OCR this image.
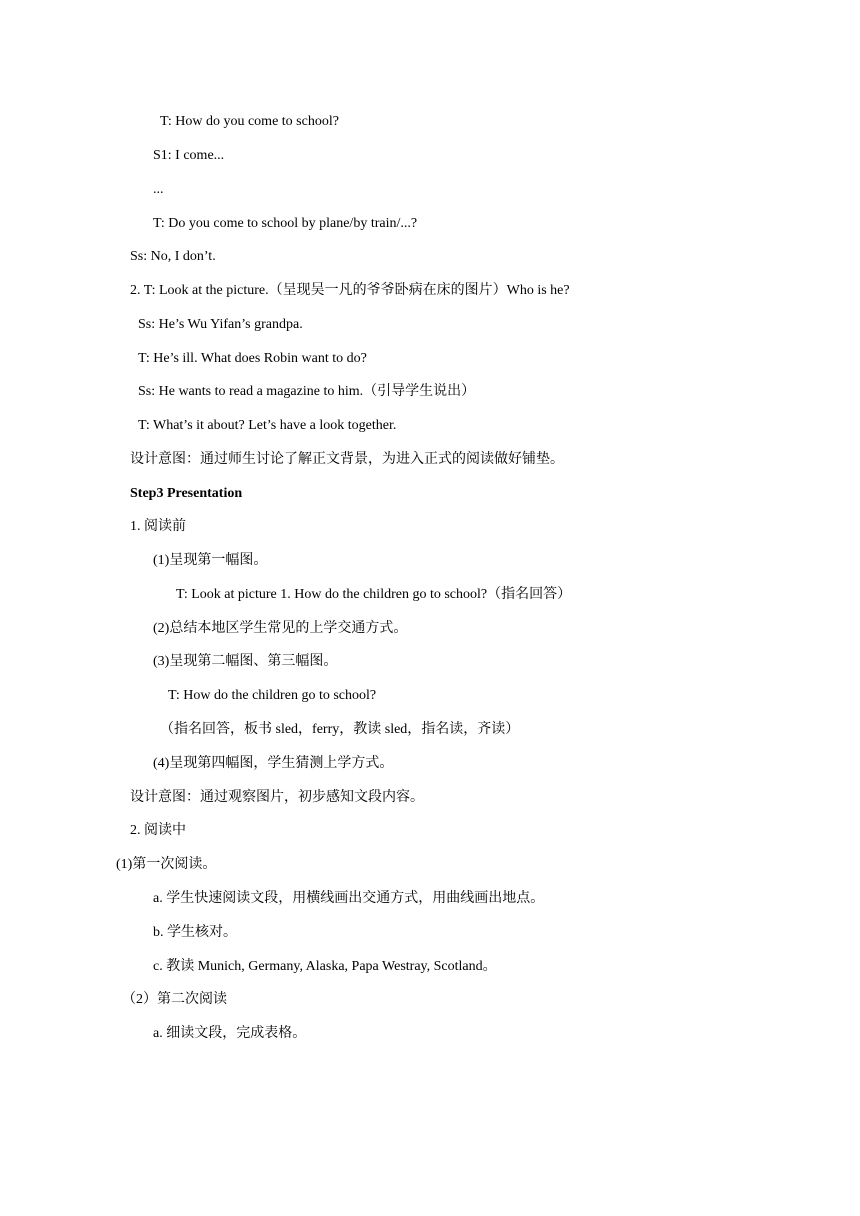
T: How do you come to school?
S1: I come...
...
T: Do you come to school by plane/by train/...?
Ss: No, I don’t.
2. T: Look at the picture.（呈现吴一凡的爷爷卧病在床的图片）Who is he?
Ss: He’s Wu Yifan’s grandpa.
T: He’s ill. What does Robin want to do?
Ss: He wants to read a magazine to him.（引导学生说出）
T: What’s it about? Let’s have a look together.
设计意图：通过师生讨论了解正文背景，为进入正式的阅读做好铺垫。
Step3 Presentation
1. 阅读前
(1)呈现第一幅图。
T: Look at picture 1. How do the children go to school?（指名回答）
(2)总结本地区学生常见的上学交通方式。
(3)呈现第二幅图、第三幅图。
T: How do the children go to school?
（指名回答，板书 sled，ferry，教读 sled，指名读，齐读）
(4)呈现第四幅图，学生猜测上学方式。
设计意图：通过观察图片，初步感知文段内容。
2. 阅读中
(1)第一次阅读。
a. 学生快速阅读文段，用横线画出交通方式，用曲线画出地点。
b. 学生核对。
c. 教读 Munich, Germany, Alaska, Papa Westray, Scotland。
（2）第二次阅读
a. 细读文段，完成表格。
